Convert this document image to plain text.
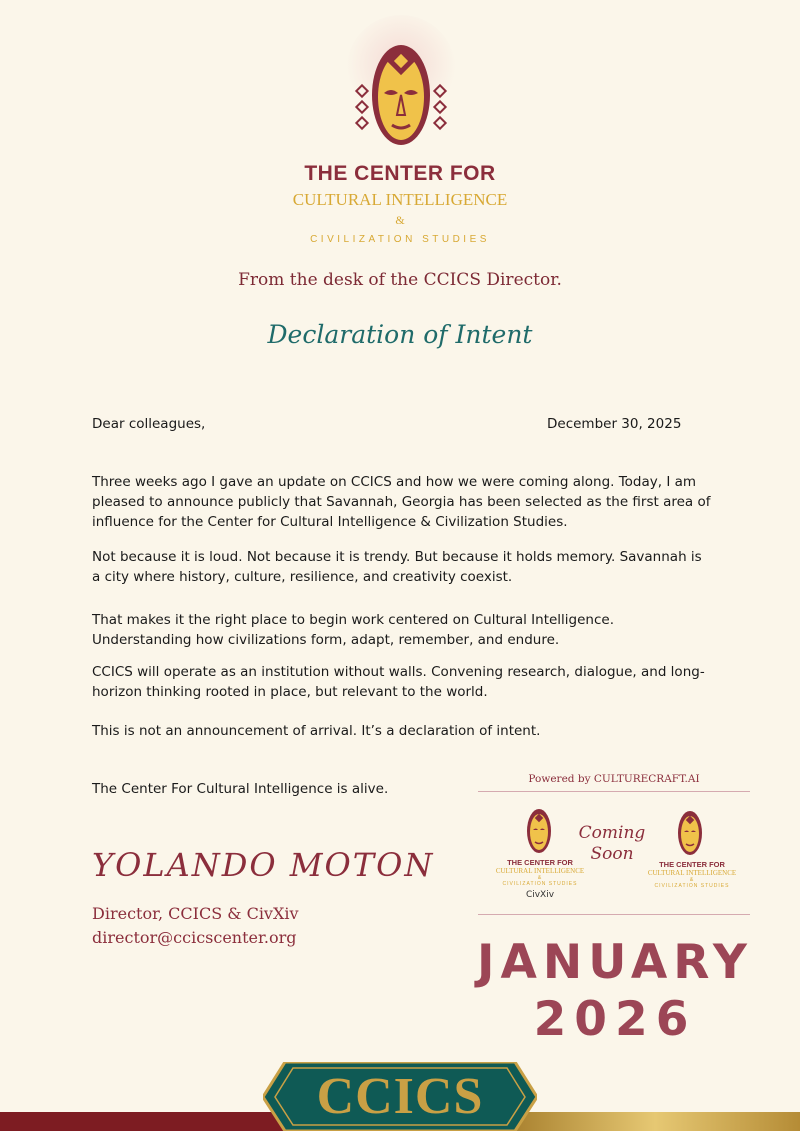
THE CENTER FOR
CULTURAL INTELLIGENCE
&
CIVILIZATION STUDIES
From the desk of the CCICS Director.
Declaration of Intent
Dear colleagues,	December 30, 2025
Three weeks ago I gave an update on CCICS and how we were coming along. Today, I am pleased to announce publicly that Savannah, Georgia has been selected as the first area of influence for the Center for Cultural Intelligence & Civilization Studies.
Not because it is loud. Not because it is trendy. But because it holds memory. Savannah is a city where history, culture, resilience, and creativity coexist.
That makes it the right place to begin work centered on Cultural Intelligence. Understanding how civilizations form, adapt, remember, and endure.
CCICS will operate as an institution without walls. Convening research, dialogue, and long-horizon thinking rooted in place, but relevant to the world.
This is not an announcement of arrival. It’s a declaration of intent.
The Center For Cultural Intelligence is alive.
YOLANDO MOTON
Director, CCICS & CivXiv
director@ccicscenter.org
Powered by CULTURECRAFT.AI
THE CENTER FOR
CULTURAL INTELLIGENCE
&
CIVILIZATION STUDIES
CivXiv
Coming Soon
THE CENTER FOR
CULTURAL INTELLIGENCE
&
CIVILIZATION STUDIES
JANUARY
2026
CCICS
